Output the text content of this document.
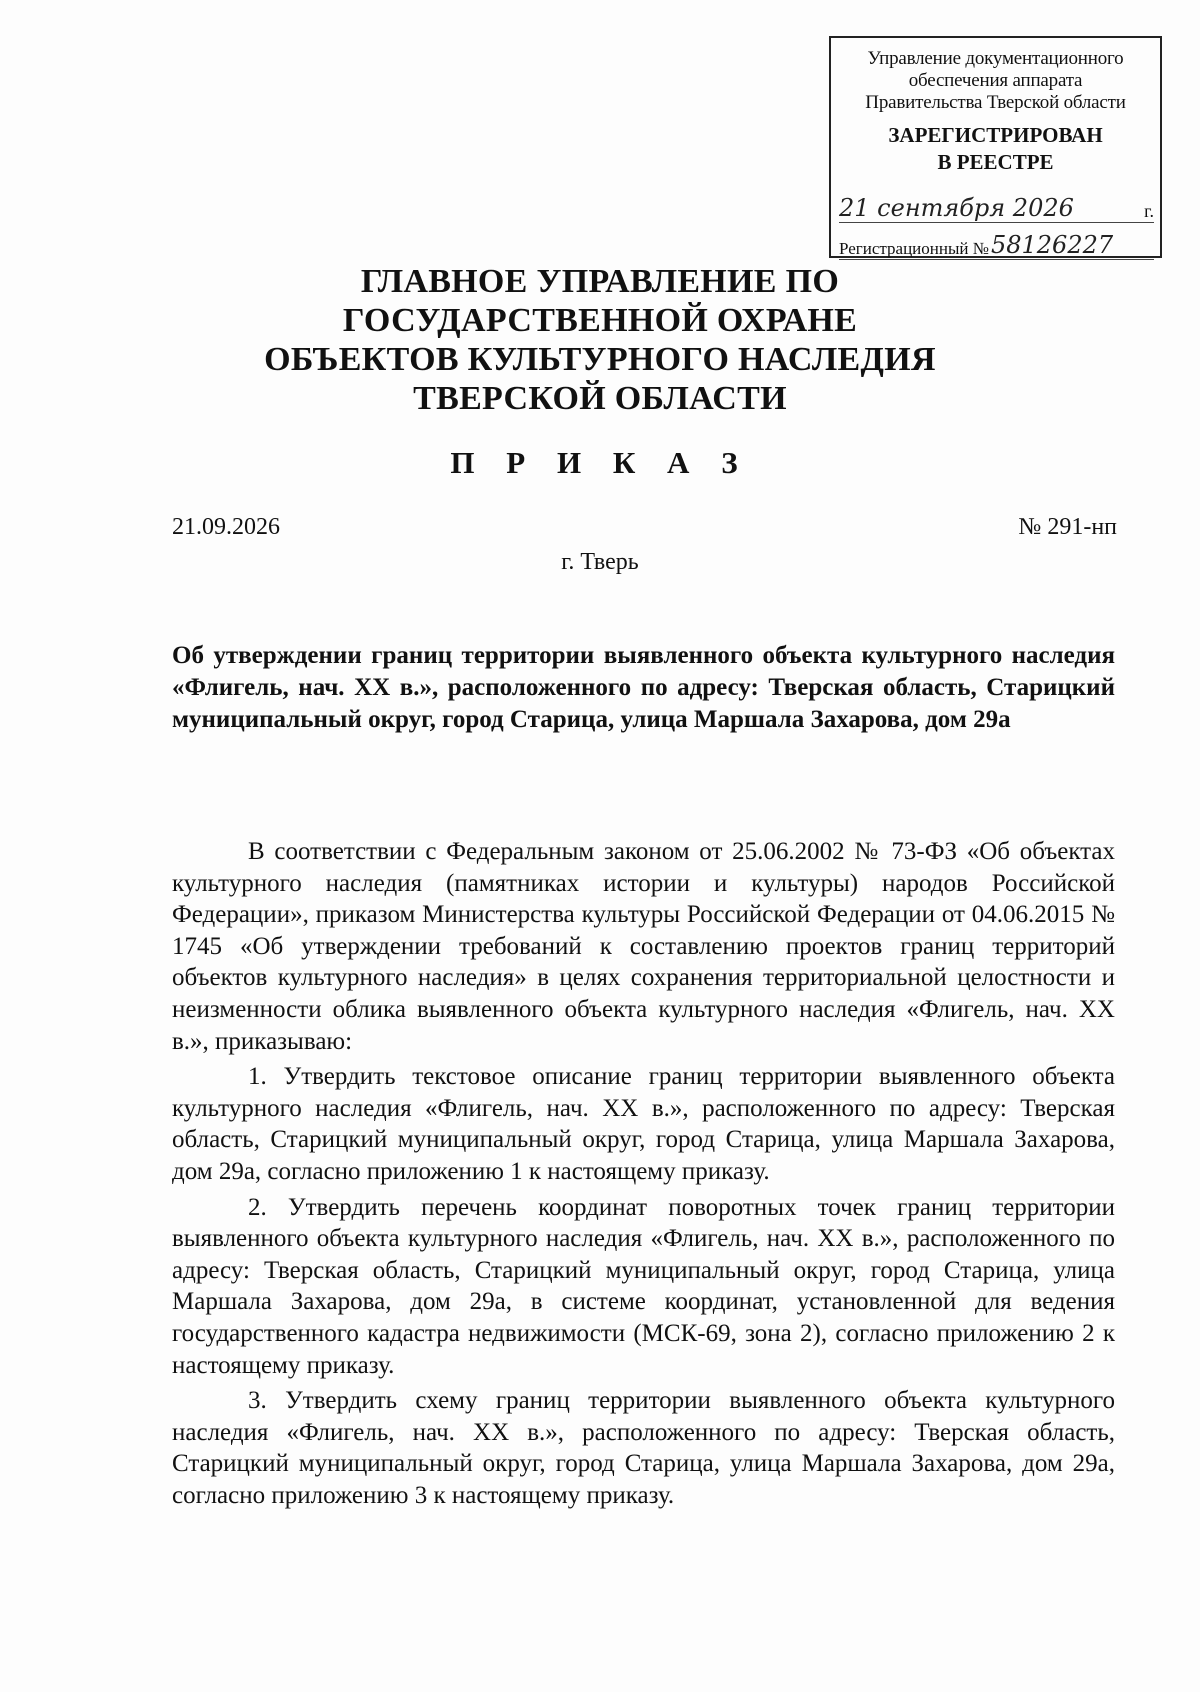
Управление документационного
обеспечения аппарата
Правительства Тверской области
ЗАРЕГИСТРИРОВАН
В РЕЕСТРЕ
21 сентября 2026	г.
Регистрационный № 58126227
ГЛАВНОЕ УПРАВЛЕНИЕ ПО
ГОСУДАРСТВЕННОЙ ОХРАНЕ
ОБЪЕКТОВ КУЛЬТУРНОГО НАСЛЕДИЯ
ТВЕРСКОЙ ОБЛАСТИ
П Р И К А З
21.09.2026	№ 291-нп
г. Тверь
Об утверждении границ территории выявленного объекта культурного наследия «Флигель, нач. XX в.», расположенного по адресу: Тверская область, Старицкий муниципальный округ, город Старица, улица Маршала Захарова, дом 29а

В соответствии с Федеральным законом от 25.06.2002 № 73-ФЗ «Об объектах культурного наследия (памятниках истории и культуры) народов Российской Федерации», приказом Министерства культуры Российской Федерации от 04.06.2015 № 1745 «Об утверждении требований к составлению проектов границ территорий объектов культурного наследия» в целях сохранения территориальной целостности и неизменности облика выявленного объекта культурного наследия «Флигель, нач. XX в.», приказываю:

1. Утвердить текстовое описание границ территории выявленного объекта культурного наследия «Флигель, нач. XX в.», расположенного по адресу: Тверская область, Старицкий муниципальный округ, город Старица, улица Маршала Захарова, дом 29а, согласно приложению 1 к настоящему приказу.

2. Утвердить перечень координат поворотных точек границ территории выявленного объекта культурного наследия «Флигель, нач. XX в.», расположенного по адресу: Тверская область, Старицкий муниципальный округ, город Старица, улица Маршала Захарова, дом 29а, в системе координат, установленной для ведения государственного кадастра недвижимости (МСК-69, зона 2), согласно приложению 2 к настоящему приказу.

3. Утвердить схему границ территории выявленного объекта культурного наследия «Флигель, нач. XX в.», расположенного по адресу: Тверская область, Старицкий муниципальный округ, город Старица, улица Маршала Захарова, дом 29а, согласно приложению 3 к настоящему приказу.
